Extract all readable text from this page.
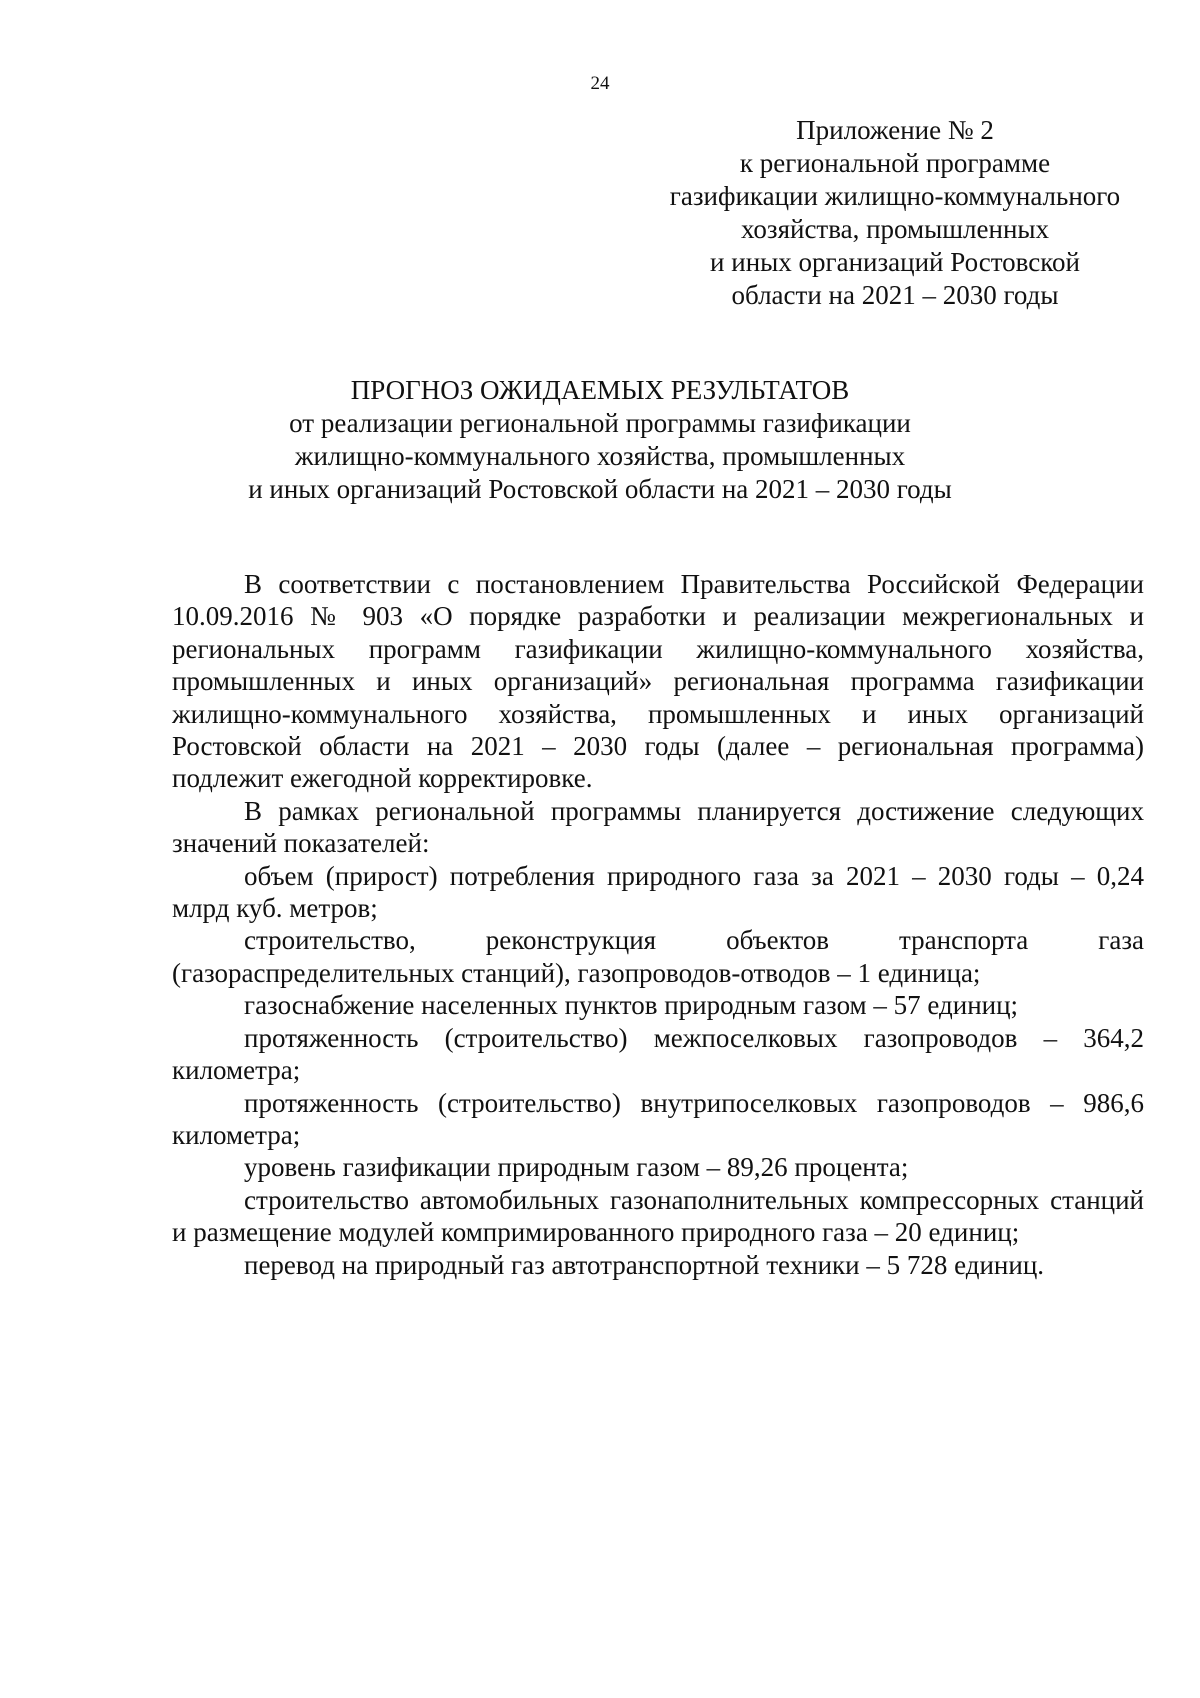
24
Приложение № 2
к региональной программе
газификации жилищно-коммунального
хозяйства, промышленных
и иных организаций Ростовской
области на 2021 – 2030 годы
ПРОГНОЗ ОЖИДАЕМЫХ РЕЗУЛЬТАТОВ
от реализации региональной программы газификации
жилищно-коммунального хозяйства, промышленных
и иных организаций Ростовской области на 2021 – 2030 годы

В соответствии с постановлением Правительства Российской Федерации 10.09.2016 № 903 «О порядке разработки и реализации межрегиональных и региональных программ газификации жилищно-коммунального хозяйства, промышленных и иных организаций» региональная программа газификации жилищно-коммунального хозяйства, промышленных и иных организаций Ростовской области на 2021 – 2030 годы (далее – региональная программа) подлежит ежегодной корректировке.

В рамках региональной программы планируется достижение следующих значений показателей:

объем (прирост) потребления природного газа за 2021 – 2030 годы – 0,24 млрд куб. метров;

строительство, реконструкция объектов транспорта газа (газораспределительных станций), газопроводов-отводов – 1 единица;

газоснабжение населенных пунктов природным газом – 57 единиц;

протяженность (строительство) межпоселковых газопроводов – 364,2 километра;

протяженность (строительство) внутрипоселковых газопроводов – 986,6 километра;

уровень газификации природным газом – 89,26 процента;

строительство автомобильных газонаполнительных компрессорных станций и размещение модулей компримированного природного газа – 20 единиц;

перевод на природный газ автотранспортной техники – 5 728 единиц.
